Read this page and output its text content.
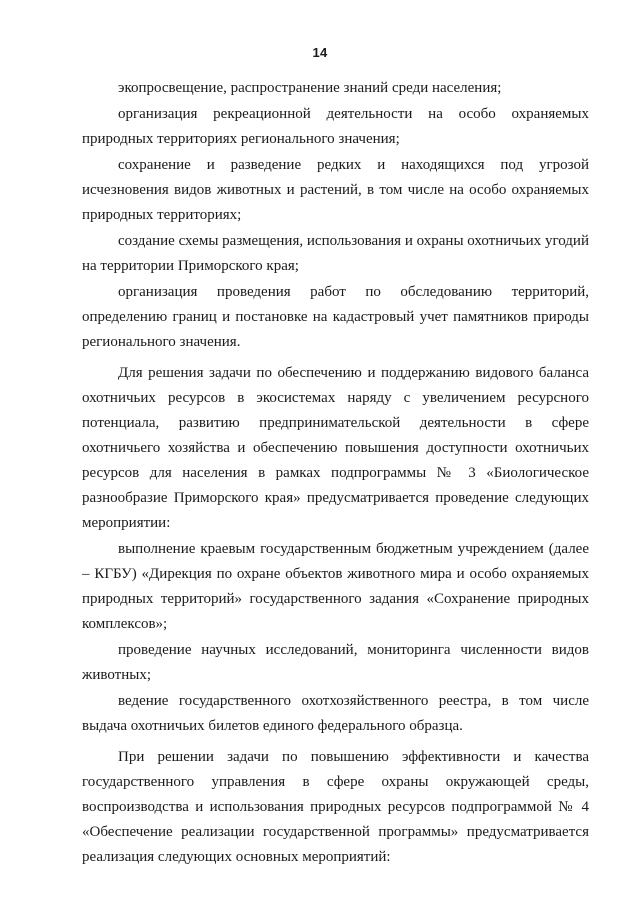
14

экопросвещение, распространение знаний среди населения;

организация рекреационной деятельности на особо охраняемых природных территориях регионального значения;

сохранение и разведение редких и находящихся под угрозой исчезновения видов животных и растений, в том числе на особо охраняемых природных территориях;

создание схемы размещения, использования и охраны охотничьих угодий на территории Приморского края;

организация проведения работ по обследованию территорий, определению границ и постановке на кадастровый учет памятников природы регионального значения.

Для решения задачи по обеспечению и поддержанию видового баланса охотничьих ресурсов в экосистемах наряду с увеличением ресурсного потенциала, развитию предпринимательской деятельности в сфере охотничьего хозяйства и обеспечению повышения доступности охотничьих ресурсов для населения в рамках подпрограммы № 3 «Биологическое разнообразие Приморского края» предусматривается проведение следующих мероприятии:

выполнение краевым государственным бюджетным учреждением (далее – КГБУ) «Дирекция по охране объектов животного мира и особо охраняемых природных территорий» государственного задания «Сохранение природных комплексов»;

проведение научных исследований, мониторинга численности видов животных;

ведение государственного охотхозяйственного реестра, в том числе выдача охотничьих билетов единого федерального образца.

При решении задачи по повышению эффективности и качества государственного управления в сфере охраны окружающей среды, воспроизводства и использования природных ресурсов подпрограммой № 4 «Обеспечение реализации государственной программы» предусматривается реализация следующих основных мероприятий:
